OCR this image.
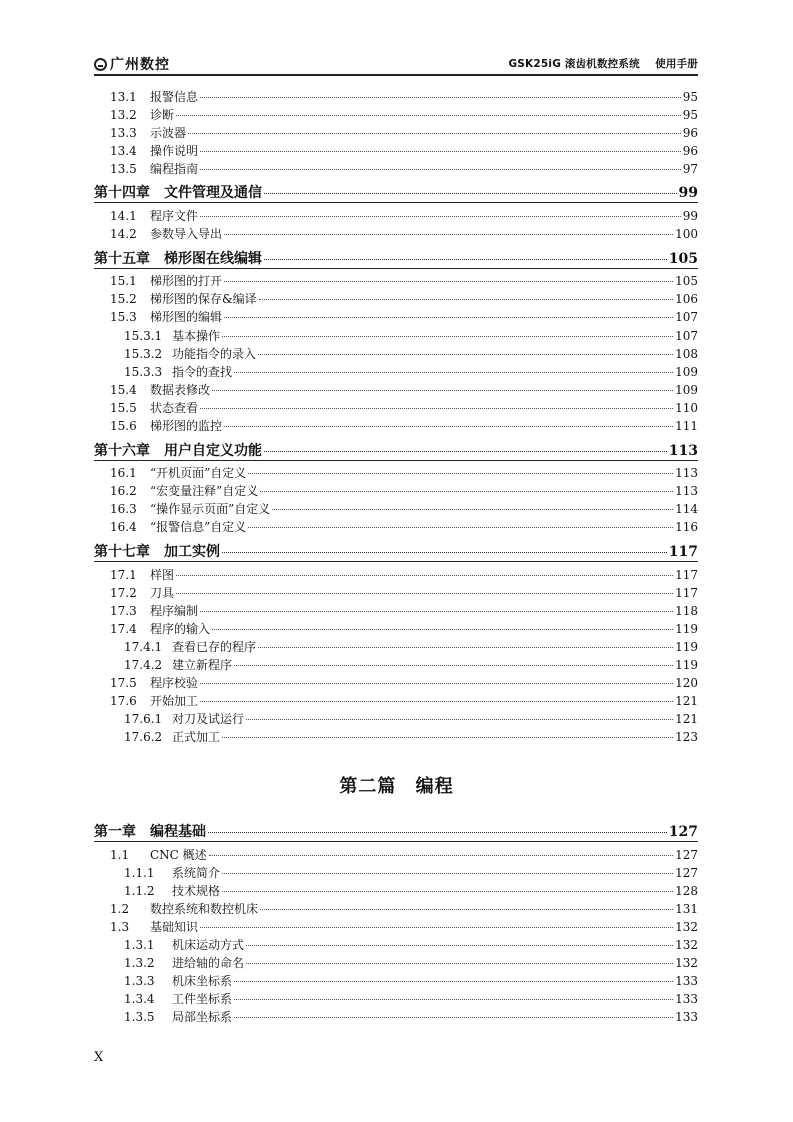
广州数控	GSK25iG 滚齿机数控系统    使用手册
13.1	报警信息	95
13.2	诊断	95
13.3	示波器	96
13.4	操作说明	96
13.5	编程指南	97
第十四章 文件管理及通信	99
14.1	程序文件	99
14.2	参数导入导出	100
第十五章 梯形图在线编辑	105
15.1	梯形图的打开	105
15.2	梯形图的保存&编译	106
15.3	梯形图的编辑	107
15.3.1 基本操作	107
15.3.2 功能指令的录入	108
15.3.3 指令的查找	109
15.4	数据表修改	109
15.5	状态查看	110
15.6	梯形图的监控	111
第十六章 用户自定义功能	113
16.1	“开机页面”自定义	113
16.2	“宏变量注释”自定义	113
16.3	“操作显示页面”自定义	114
16.4	“报警信息”自定义	116
第十七章 加工实例	117
17.1	样图	117
17.2	刀具	117
17.3	程序编制	118
17.4	程序的输入	119
17.4.1 查看已存的程序	119
17.4.2 建立新程序	119
17.5	程序校验	120
17.6	开始加工	121
17.6.1 对刀及试运行	121
17.6.2 正式加工	123
第二篇 编程
第一章 编程基础	127
1.1	CNC 概述	127
1.1.1	系统简介	127
1.1.2	技术规格	128
1.2	数控系统和数控机床	131
1.3	基础知识	132
1.3.1	机床运动方式	132
1.3.2	进给轴的命名	132
1.3.3	机床坐标系	133
1.3.4	工件坐标系	133
1.3.5	局部坐标系	133
X
